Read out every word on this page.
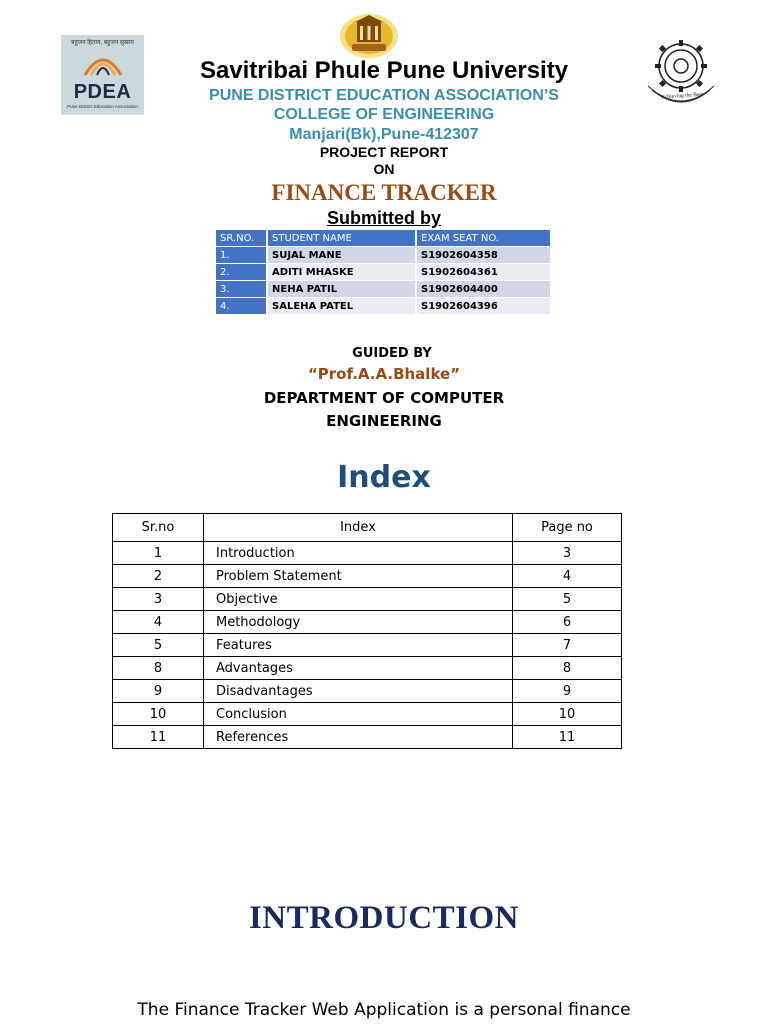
बहुजन हिताय, बहुजन सुखाय
PDEA
Pune District Education Association
Achieving the Best
Savitribai Phule Pune University
PUNE DISTRICT EDUCATION ASSOCIATION’S
COLLEGE OF ENGINEERING
Manjari(Bk),Pune-412307
PROJECT REPORT
ON
FINANCE TRACKER
Submitted by
SR.NO.	STUDENT NAME	EXAM SEAT NO.
1.	SUJAL MANE	S1902604358
2.	ADITI MHASKE	S1902604361
3.	NEHA PATIL	S1902604400
4.	SALEHA PATEL	S1902604396
GUIDED BY
“Prof.A.A.Bhalke”
DEPARTMENT OF COMPUTER
ENGINEERING
Index
Sr.no	Index	Page no
1	Introduction	3
2	Problem Statement	4
3	Objective	5
4	Methodology	6
5	Features	7
8	Advantages	8
9	Disadvantages	9
10	Conclusion	10
11	References	11
INTRODUCTION
The Finance Tracker Web Application is a personal finance
